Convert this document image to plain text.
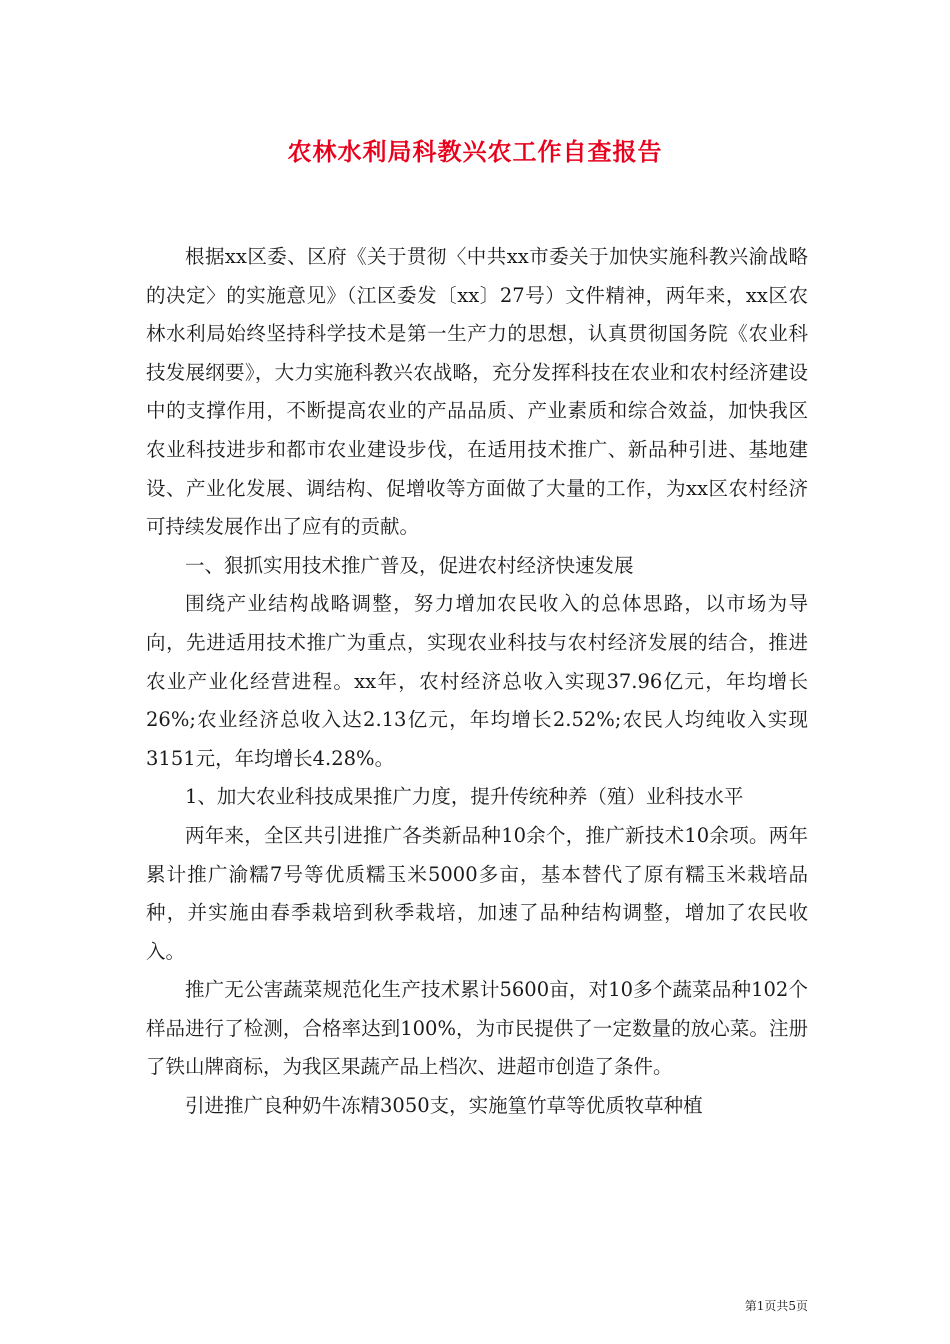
农林水利局科教兴农工作自查报告

根据xx区委、区府《关于贯彻〈中共xx市委关于加快实施科教兴渝战略的决定〉的实施意见》（江区委发〔xx〕27号）文件精神，两年来，xx区农林水利局始终坚持科学技术是第一生产力的思想，认真贯彻国务院《农业科技发展纲要》，大力实施科教兴农战略，充分发挥科技在农业和农村经济建设中的支撑作用，不断提高农业的产品品质、产业素质和综合效益，加快我区农业科技进步和都市农业建设步伐，在适用技术推广、新品种引进、基地建设、产业化发展、调结构、促增收等方面做了大量的工作，为xx区农村经济可持续发展作出了应有的贡献。

一、狠抓实用技术推广普及，促进农村经济快速发展

围绕产业结构战略调整，努力增加农民收入的总体思路，以市场为导向，先进适用技术推广为重点，实现农业科技与农村经济发展的结合，推进农业产业化经营进程。xx年，农村经济总收入实现37.96亿元，年均增长26%;农业经济总收入达2.13亿元，年均增长2.52%;农民人均纯收入实现3151元，年均增长4.28%。

1、加大农业科技成果推广力度，提升传统种养（殖）业科技水平

两年来，全区共引进推广各类新品种10余个，推广新技术10余项。两年累计推广渝糯7号等优质糯玉米5000多亩，基本替代了原有糯玉米栽培品种，并实施由春季栽培到秋季栽培，加速了品种结构调整，增加了农民收入。

推广无公害蔬菜规范化生产技术累计5600亩，对10多个蔬菜品种102个样品进行了检测，合格率达到100%，为市民提供了一定数量的放心菜。注册了铁山牌商标，为我区果蔬产品上档次、进超市创造了条件。

引进推广良种奶牛冻精3050支，实施篁竹草等优质牧草种植

第1页共5页
